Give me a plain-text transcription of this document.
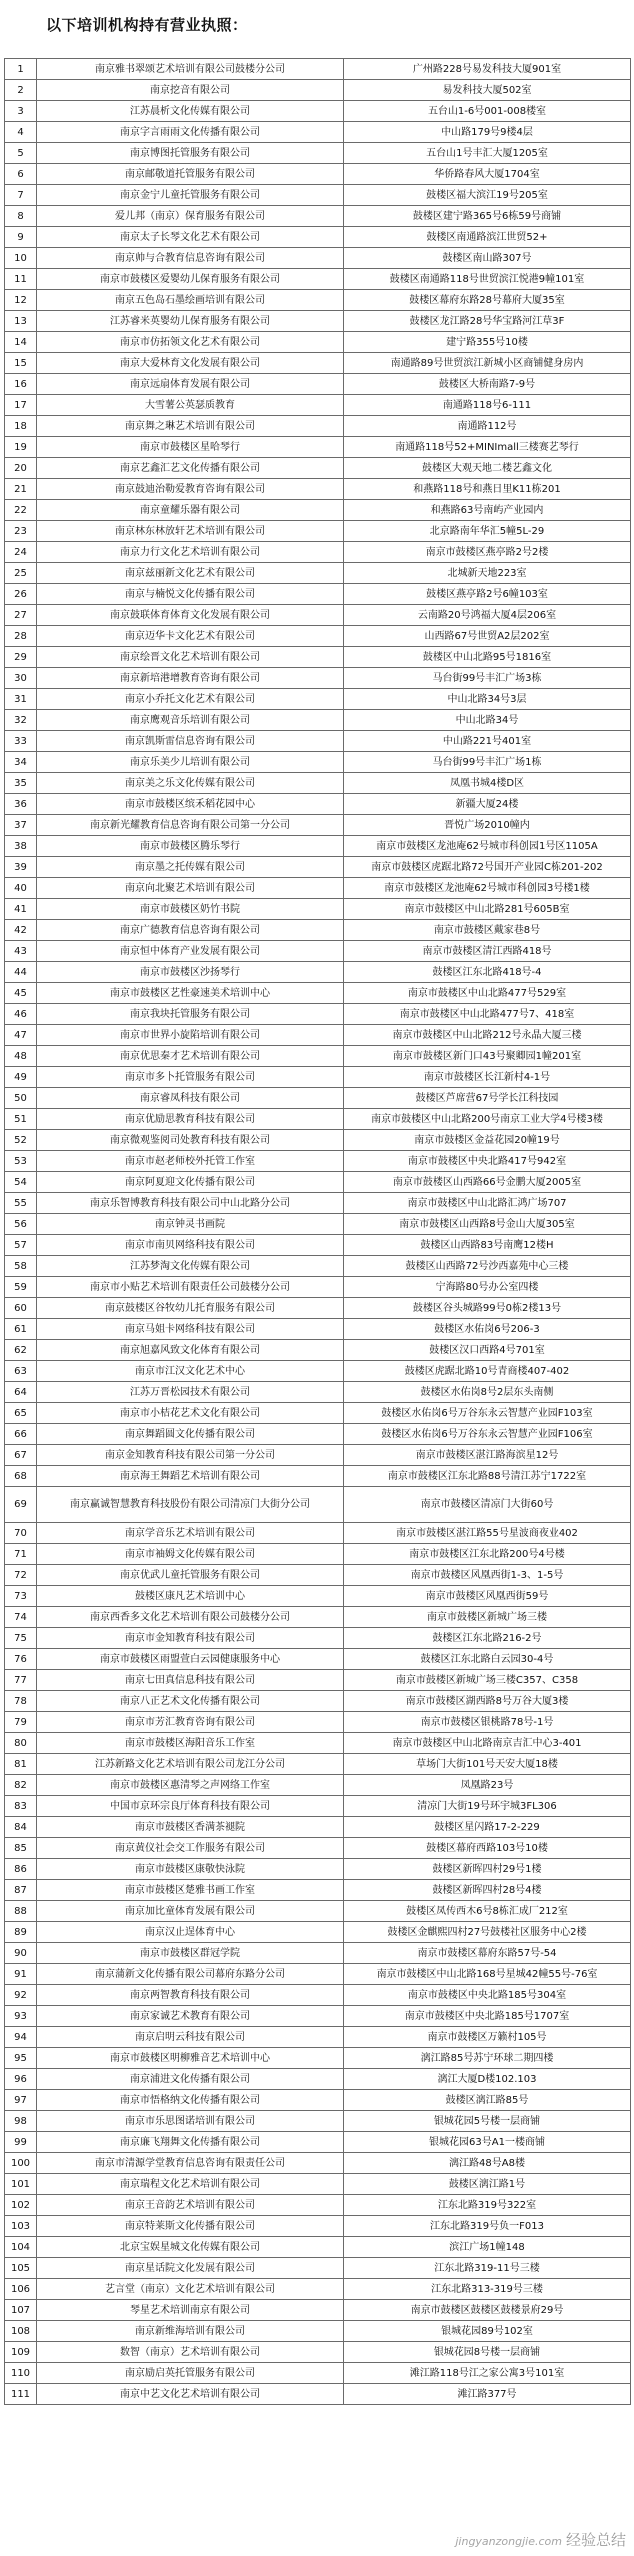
以下培训机构持有营业执照：
1	南京雅书翠颂艺术培训有限公司鼓楼分公司	广州路228号易发科技大厦901室
2	南京挖音有限公司	易发科技大厦502室
3	江苏晨析文化传媒有限公司	五台山1-6号001-008楼室
4	南京字言雨雨文化传播有限公司	中山路179号9楼4层
5	南京博图托管服务有限公司	五台山1号丰汇大厦1205室
6	南京邮敬道托管服务有限公司	华侨路春风大厦1704室
7	南京金宁儿童托管服务有限公司	鼓楼区福大滨江19号205室
8	爱儿邦（南京）保育服务有限公司	鼓楼区建宁路365号6栋59号商铺
9	南京太子长琴文化艺术有限公司	鼓楼区南通路滨江世贸52+
10	南京帅与合教育信息咨询有限公司	鼓楼区南山路307号
11	南京市鼓楼区爱婴幼儿保育服务有限公司	鼓楼区南通路118号世贸滨江悦港9幢101室
12	南京五色岛石墨绘画培训有限公司	鼓楼区幕府东路28号幕府大厦35室
13	江苏睿米英婴幼儿保育服务有限公司	鼓楼区龙江路28号华宝路河江草3F
14	南京市仿拓领文化艺术有限公司	建宁路355号10楼
15	南京大爱林育文化发展有限公司	南通路89号世贸滨江新城小区商铺健身房内
16	南京远扇体育发展有限公司	鼓楼区大桥南路7-9号
17	大雪薯公英瑟质教育	南通路118号6-111
18	南京舞之琳艺术培训有限公司	南通路112号
19	南京市鼓楼区星哈琴行	南通路118号52+MINImall三楼赛艺琴行
20	南京艺鑫汇艺文化传播有限公司	鼓楼区大观天地二楼艺鑫文化
21	南京鼓迪治勒爱教育咨询有限公司	和燕路118号和燕日里K11栋201
22	南京童耀乐器有限公司	和燕路63号南屿产业园内
23	南京林东林放轩艺术培训有限公司	北京路南年华汇5幢5L-29
24	南京力行文化艺术培训有限公司	南京市鼓楼区燕亭路2号2楼
25	南京兹丽新文化艺术有限公司	北城新天地223室
26	南京与楠悦文化传播有限公司	鼓楼区燕亭路2号6幢103室
27	南京鼓联体育体育文化发展有限公司	云南路20号鸿福大厦4层206室
28	南京迈华卡文化艺术有限公司	山西路67号世贸A2层202室
29	南京绘晋文化艺术培训有限公司	鼓楼区中山北路95号1816室
30	南京新培港增教育咨询有限公司	马台街99号丰汇广场3栋
31	南京小乔托文化艺术有限公司	中山北路34号3层
32	南京鹰观音乐培训有限公司	中山北路34号
33	南京凯斯雷信息咨询有限公司	中山路221号401室
34	南京乐美少儿培训有限公司	马台街99号丰汇广场1栋
35	南京美之乐文化传媒有限公司	凤凰书城4楼D区
36	南京市鼓楼区缤禾稻花园中心	新疆大厦24楼
37	南京新光耀教育信息咨询有限公司第一分公司	晋悦广场2010幢内
38	南京市鼓楼区腾乐琴行	南京市鼓楼区龙池庵62号城市科创园1号区1105A
39	南京墨之托传媒有限公司	南京市鼓楼区虎踞北路72号国开产业园C栋201-202
40	南京向北聚艺术培训有限公司	南京市鼓楼区龙池庵62号城市科创园3号楼1楼
41	南京市鼓楼区奶竹书院	南京市鼓楼区中山北路281号605B室
42	南京广德教育信息咨询有限公司	南京市鼓楼区戴家巷8号
43	南京恒中体育产业发展有限公司	南京市鼓楼区清江西路418号
44	南京市鼓楼区沙扬琴行	鼓楼区江东北路418号-4
45	南京市鼓楼区艺性豪速美术培训中心	南京市鼓楼区中山北路477号529室
46	南京我块托管服务有限公司	南京市鼓楼区中山北路477号7、418室
47	南京市世界小旋陷培训有限公司	南京市鼓楼区中山北路212号永晶大厦三楼
48	南京优思秦才艺术培训有限公司	南京市鼓楼区新门口43号聚卿园1幢201室
49	南京市多卜托管服务有限公司	南京市鼓楼区长江新村4-1号
50	南京睿凤科技有限公司	鼓楼区芦席营67号学长江科技园
51	南京优励思教育科技有限公司	南京市鼓楼区中山北路200号南京工业大学4号楼3楼
52	南京微观鉴阅司处教育科技有限公司	南京市鼓楼区金益花园20幢19号
53	南京市赵老师校外托管工作室	南京市鼓楼区中央北路417号942室
54	南京阿夏迎文化传播有限公司	南京市鼓楼区山西路66号金鹏大厦2005室
55	南京乐智博教育科技有限公司中山北路分公司	南京市鼓楼区中山北路汇鸿广场707
56	南京钟灵书画院	南京市鼓楼区山西路8号金山大厦305室
57	南京市南贝网络科技有限公司	鼓楼区山西路83号南鹰12楼H
58	江苏梦淘文化传媒有限公司	鼓楼区山西路72号沙西嘉苑中心三楼
59	南京市小贴艺术培训有限责任公司鼓楼分公司	宁海路80号办公室四楼
60	南京鼓楼区谷牧幼儿托育服务有限公司	鼓楼区谷头城路99号0栋2楼13号
61	南京马姐卡网络科技有限公司	鼓楼区水佑岗6号206-3
62	南京旭嘉风致文化体育有限公司	鼓楼区汉口西路4号701室
63	南京市江汉文化艺术中心	鼓楼区虎踞北路10号青商楼407-402
64	江苏万晋松园技术有限公司	鼓楼区水佑岗8号2层东头南侧
65	南京市小桔花艺术文化有限公司	鼓楼区水佑岗6号万谷东永云智慧产业园F103室
66	南京舞蹈圆文化传播有限公司	鼓楼区水佑岗6号万谷东永云智慧产业园F106室
67	南京金知教育科技有限公司第一分公司	南京市鼓楼区湛江路海滨星12号
68	南京海王舞蹈艺术培训有限公司	南京市鼓楼区江东北路88号清江苏宁1722室
69	南京赢诚智慧教育科技股份有限公司清凉门大街分公司	南京市鼓楼区清凉门大街60号
70	南京学音乐艺术培训有限公司	南京市鼓楼区湛江路55号星波商夜业402
71	南京市袖姆文化传媒有限公司	南京市鼓楼区江东北路200号4号楼
72	南京优武儿童托管服务有限公司	南京市鼓楼区风凰西街1-3、1-5号
73	鼓楼区康凡艺术培训中心	南京市鼓楼区风凰西街59号
74	南京西香多文化艺术培训有限公司鼓楼分公司	南京市鼓楼区新城广场三楼
75	南京市金知教育科技有限公司	鼓楼区江东北路216-2号
76	南京市鼓楼区雨盟萱白云园健康服务中心	鼓楼区江东北路白云园30-4号
77	南京七田真信息科技有限公司	南京市鼓楼区新城广场三楼C357、C358
78	南京八正艺术文化传播有限公司	南京市鼓楼区湖西路8号万谷大厦3楼
79	南京市芳汇教育咨询有限公司	南京市鼓楼区银桃路78号-1号
80	南京市鼓楼区海阳音乐工作室	南京市鼓楼区中山北路南京吉汇中心3-401
81	江苏新路文化艺术培训有限公司龙江分公司	草场门大街101号天安大厦18楼
82	南京市鼓楼区惠清琴之声网络工作室	凤凰路23号
83	中国市京环宗良厅体育科技有限公司	清凉门大街19号环宇城3FL306
84	南京市鼓楼区香满茶褪院	鼓楼区星闪路17-2-229
85	南京黄仪社会交工作服务有限公司	鼓楼区幕府西路103号10楼
86	南京市鼓楼区康敬快泳院	鼓楼区新晖四村29号1楼
87	南京市鼓楼区楚雅书画工作室	鼓楼区新晖四村28号4楼
88	南京加比童体育发展有限公司	鼓楼区凤传西木6号8栋汇成厂212室
89	南京汉止逞体育中心	鼓楼区金麒熙四村27号鼓楼社区服务中心2楼
90	南京市鼓楼区群冠学院	南京市鼓楼区幕府东路57号-54
91	南京蒲新文化传播有限公司幕府东路分公司	南京市鼓楼区中山北路168号星城42幢55号-76室
92	南京两智教育科技有限公司	南京市鼓楼区中央北路185号304室
93	南京家诚艺术教育有限公司	南京市鼓楼区中央北路185号1707室
94	南京启明云科技有限公司	南京市鼓楼区万籁村105号
95	南京市鼓楼区明柳雅音艺术培训中心	漓江路85号苏宁环球二期四楼
96	南京浦进文化传播有限公司	漓江大厦D楼102.103
97	南京市悟格纳文化传播有限公司	鼓楼区漓江路85号
98	南京市乐思图诺培训有限公司	银城花园5号楼一层商铺
99	南京廉飞翔舞文化传播有限公司	银城花园63号A1一楼商铺
100	南京市清源学堂教育信息咨询有限责任公司	漓江路48号A8楼
101	南京瑞程文化艺术培训有限公司	鼓楼区漓江路1号
102	南京王音韵艺术培训有限公司	江东北路319号322室
103	南京特莱斯文化传播有限公司	江东北路319号负一F013
104	北京宝娱星城文化传媒有限公司	滨江广场1幢148
105	南京星话院文化发展有限公司	江东北路319-11号三楼
106	艺言堂（南京）文化艺术培训有限公司	江东北路313-319号三楼
107	琴星艺术培训南京有限公司	南京市鼓楼区鼓楼区鼓楼景府29号
108	南京新维海培训有限公司	银城花园89号102室
109	数智（南京）艺术培训有限公司	银城花园8号楼一层商铺
110	南京励启英托管服务有限公司	滩江路118号江之家公寓3号101室
111	南京中艺文化艺术培训有限公司	滩江路377号
jingyanzongjie.com 经验总结
